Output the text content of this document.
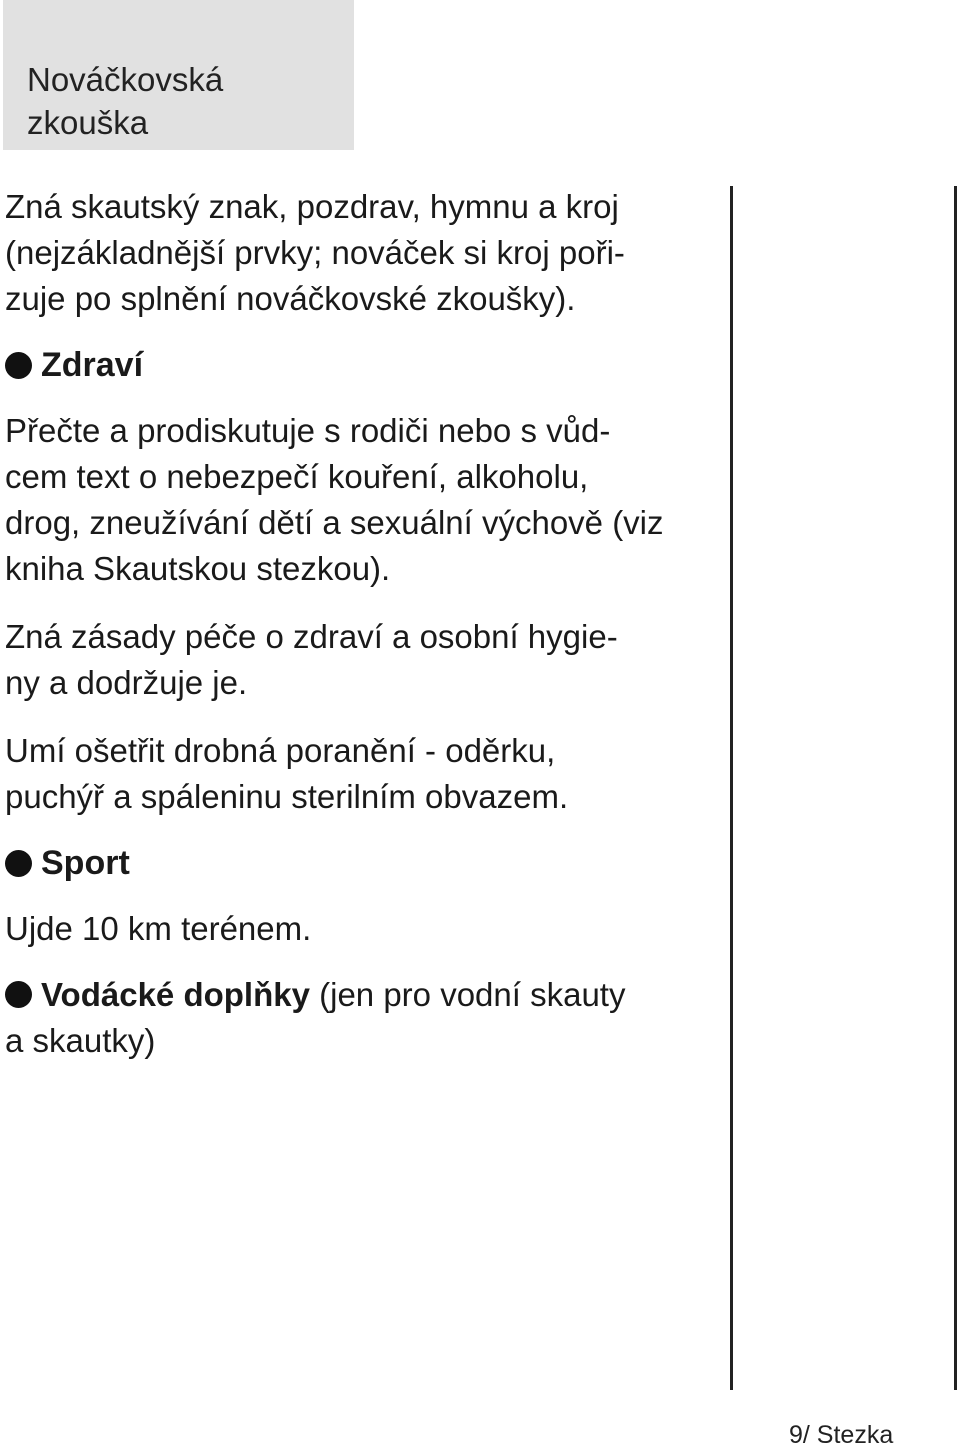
Nováčkovská
zkouška

Zná skautský znak, pozdrav, hymnu a kroj
(nejzákladnější prvky; nováček si kroj poři-
zuje po splnění nováčkovské zkoušky).

Zdraví

Přečte a prodiskutuje s rodiči nebo s vůd-
cem text o nebezpečí kouření, alkoholu,
drog, zneužívání dětí a sexuální výchově (viz
kniha Skautskou stezkou).

Zná zásady péče o zdraví a osobní hygie-
ny a dodržuje je.

Umí ošetřit drobná poranění - oděrku,
puchýř a spáleninu sterilním obvazem.

Sport

Ujde 10 km terénem.

Vodácké doplňky (jen pro vodní skauty
a skautky)

9/ Stezka
